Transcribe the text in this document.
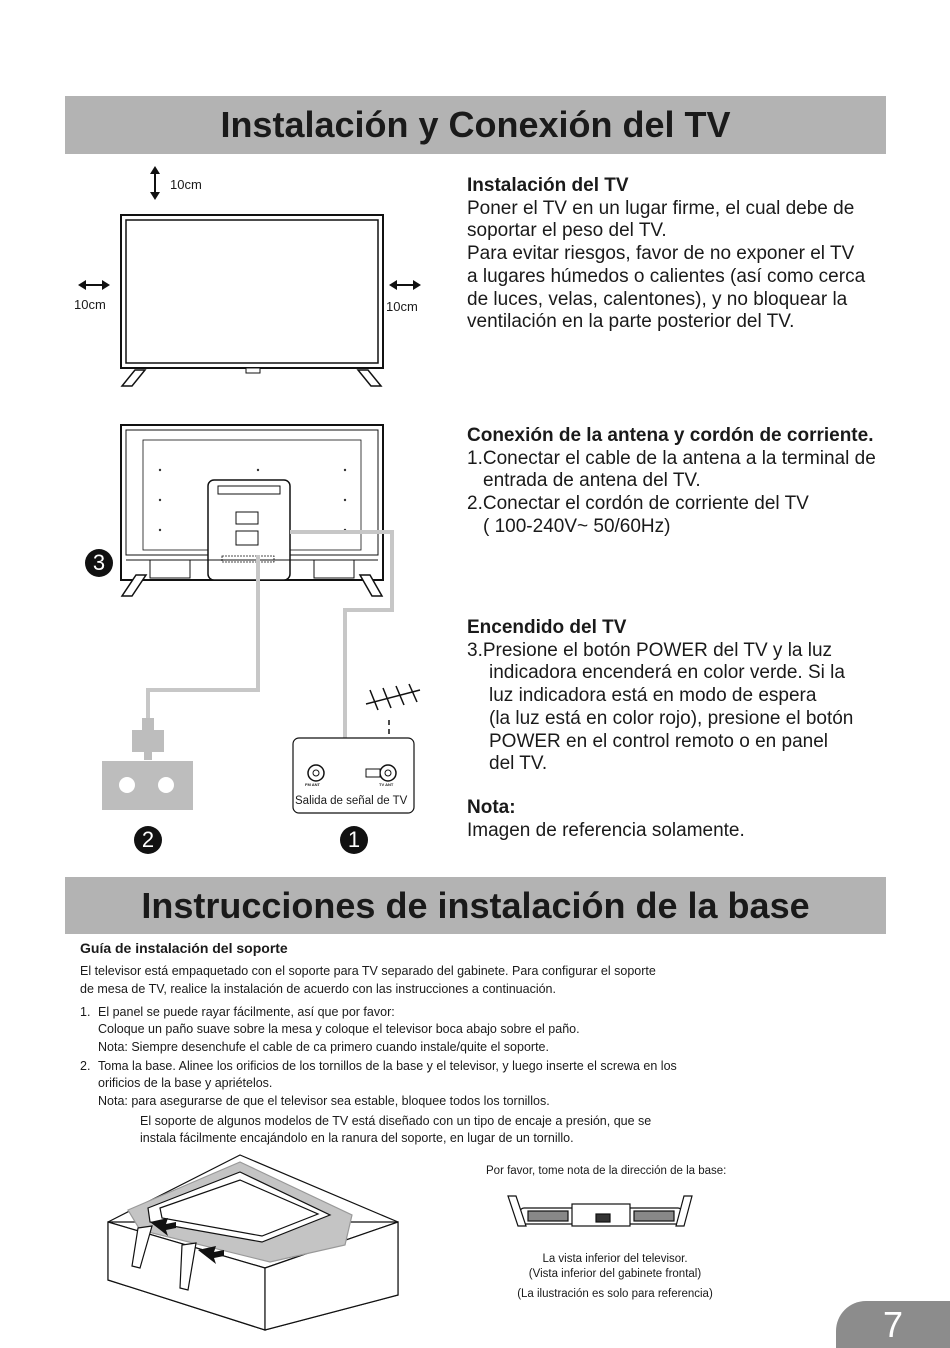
Instalación y Conexión del TV
10cm
10cm	10cm
3
2	1
FM ANT	TV ANT
Salida de señal de TV
Instalación del TV
Poner el TV en un lugar firme, el cual debe de
soportar el peso del TV.
Para evitar riesgos, favor de no exponer el TV
a lugares húmedos o calientes (así como cerca
de luces, velas, calentones), y no bloquear la
ventilación en la parte posterior del TV.
Conexión de la antena y cordón de corriente.
1.Conectar el cable de la antena a la terminal de
entrada de antena del TV.
2.Conectar el cordón de corriente del TV
( 100-240V~ 50/60Hz)
Encendido del TV
3.Presione el botón POWER del TV y la luz
indicadora encenderá en color verde. Si la
luz indicadora está en modo de espera
(la luz está en color rojo), presione el botón
POWER en el control remoto o en panel
del TV.
Nota:
Imagen de referencia solamente.
Instrucciones de instalación de la base
Guía de instalación del soporte
El televisor está empaquetado con el soporte para TV separado del gabinete. Para configurar el soporte
de mesa de TV, realice la instalación de acuerdo con las instrucciones a continuación.
1. El panel se puede rayar fácilmente, así que por favor:
Coloque un paño suave sobre la mesa y coloque el televisor boca abajo sobre el paño.
Nota: Siempre desenchufe el cable de ca primero cuando instale/quite el soporte.
2. Toma la base. Alinee los orificios de los tornillos de la base y el televisor, y luego inserte el screwa en los
orificios de la base y apriételos.
Nota: para asegurarse de que el televisor sea estable, bloquee todos los tornillos.
El soporte de algunos modelos de TV está diseñado con un tipo de encaje a presión, que se
instala fácilmente encajándolo en la ranura del soporte, en lugar de un tornillo.
Por favor, tome nota de la dirección de la base:
La vista inferior del televisor.
(Vista inferior del gabinete frontal)
(La ilustración es solo para referencia)
7
